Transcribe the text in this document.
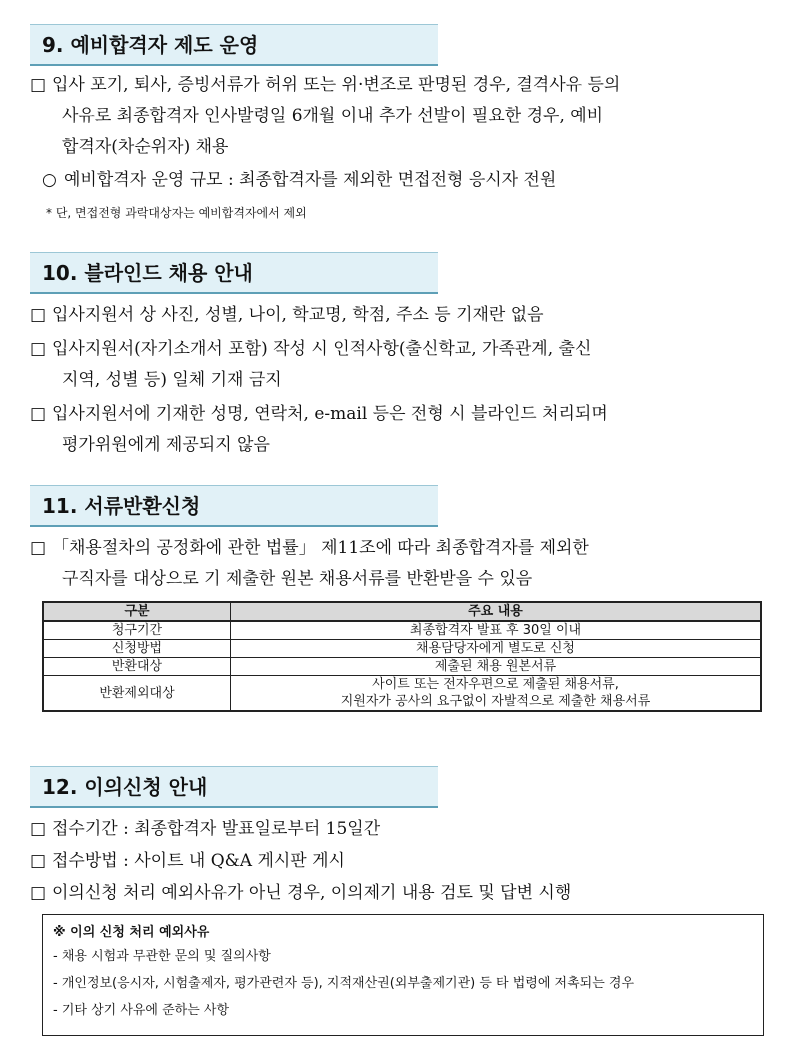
9. 예비합격자 제도 운영
□ 입사 포기, 퇴사, 증빙서류가 허위 또는 위·변조로 판명된 경우, 결격사유 등의
사유로 최종합격자 인사발령일 6개월 이내 추가 선발이 필요한 경우, 예비
합격자(차순위자) 채용
○ 예비합격자 운영 규모 : 최종합격자를 제외한 면접전형 응시자 전원
* 단, 면접전형 과락대상자는 예비합격자에서 제외
10. 블라인드 채용 안내
□ 입사지원서 상 사진, 성별, 나이, 학교명, 학점, 주소 등 기재란 없음
□ 입사지원서(자기소개서 포함) 작성 시 인적사항(출신학교, 가족관계, 출신
지역, 성별 등) 일체 기재 금지
□ 입사지원서에 기재한 성명, 연락처, e-mail 등은 전형 시 블라인드 처리되며
평가위원에게 제공되지 않음
11. 서류반환신청
□ 「채용절차의 공정화에 관한 법률」 제11조에 따라 최종합격자를 제외한
구직자를 대상으로 기 제출한 원본 채용서류를 반환받을 수 있음
구분	주요 내용
청구기간	최종합격자 발표 후 30일 이내
신청방법	채용담당자에게 별도로 신청
반환대상	제출된 채용 원본서류
반환제외대상	사이트 또는 전자우편으로 제출된 채용서류,
지원자가 공사의 요구없이 자발적으로 제출한 채용서류
12. 이의신청 안내
□ 접수기간 : 최종합격자 발표일로부터 15일간
□ 접수방법 : 사이트 내 Q&A 게시판 게시
□ 이의신청 처리 예외사유가 아닌 경우, 이의제기 내용 검토 및 답변 시행
※ 이의 신청 처리 예외사유
- 채용 시험과 무관한 문의 및 질의사항
- 개인정보(응시자, 시험출제자, 평가관련자 등), 지적재산권(외부출제기관) 등 타 법령에 저촉되는 경우
- 기타 상기 사유에 준하는 사항
